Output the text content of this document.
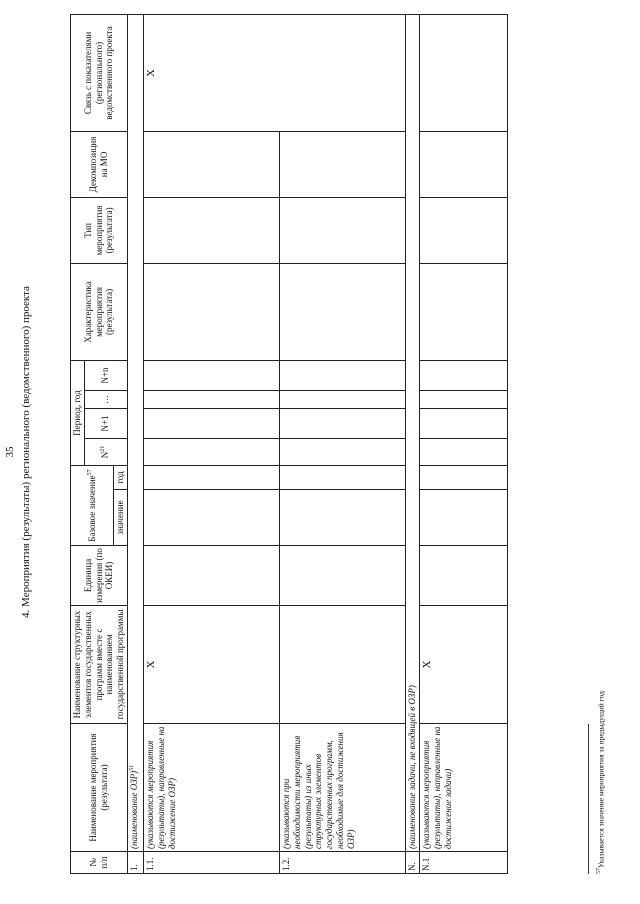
35 4. Мероприятия (результаты) регионального (ведомственного) проекта
№ п/п	Наименование мероприятия (результата)	Наименование структурных элементов государственных программ вместе с наименованием государственной программы	Единица измерения (по ОКЕИ)	Базовое значение$^{57}$		Период, год				Характеристика мероприятия (результата)	Тип мероприятия (результата)	Декомпозиция на МО	Связь с показателями (регионального) ведомственного проекта
						$N^{21}$	N+1	…	N+n				
				значение	год								
1.	(наименование ОЗР)$^{51}$
1.1.	(указываются мероприятия (результаты), направленные на достижение ОЗР)	Х											Х
1.2.	(указываются при необходимости мероприятия (результаты) из иных структурных элементов государственных программ, необходимые для достижения ОЗР)												
N.	(наименование задачи, не входящей в ОЗР)												
N.1	(указываются мероприятия (результаты), направленные на достижение задачи)	Х											
$^{57}$Указывается значение мероприятия за предыдущий год
